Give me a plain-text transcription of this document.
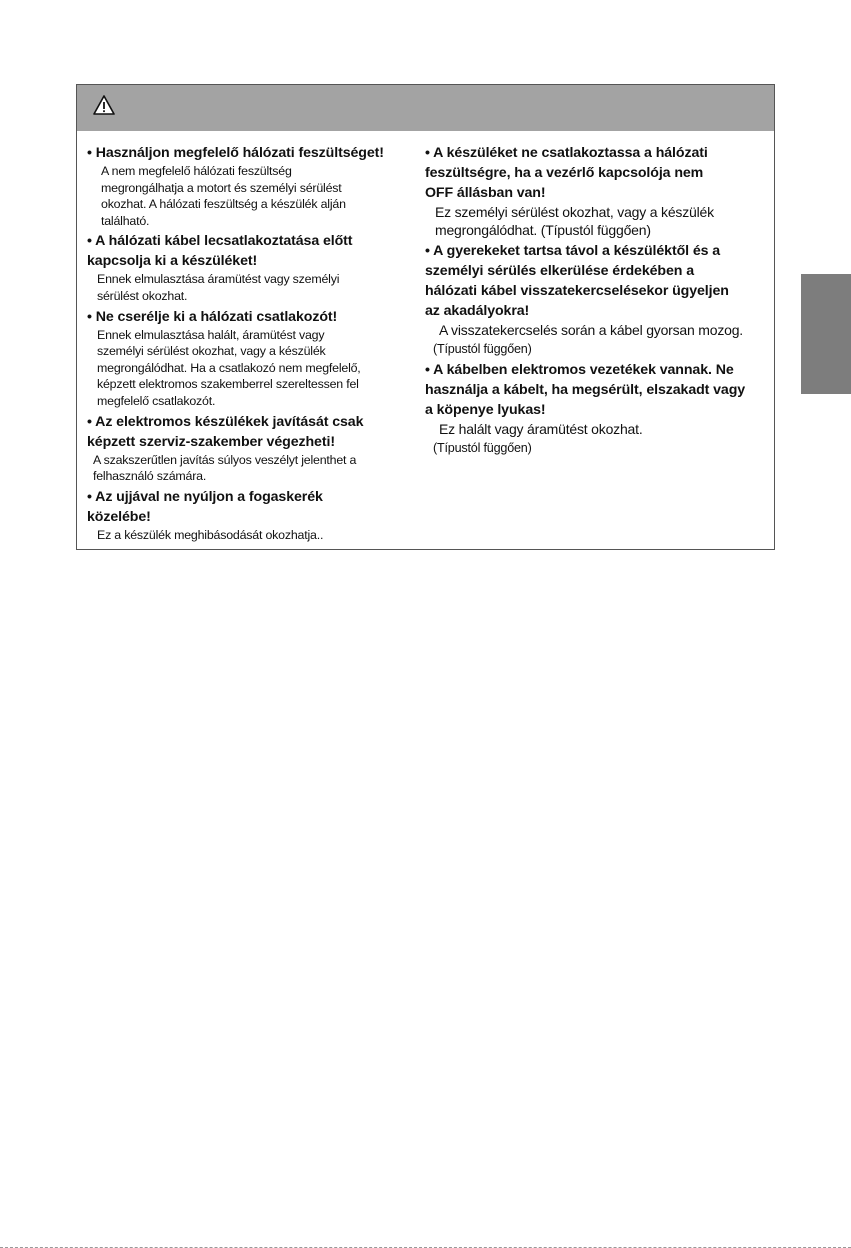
• Használjon megfelelő hálózati feszültséget!

A nem megfelelő hálózati feszültség
megrongálhatja a motort és személyi sérülést
okozhat. A hálózati feszültség a készülék alján
található.

• A hálózati kábel lecsatlakoztatása előtt
kapcsolja ki a készüléket!

Ennek elmulasztása áramütést vagy személyi
sérülést okozhat.

• Ne cserélje ki a hálózati csatlakozót!

Ennek elmulasztása halált, áramütést vagy
személyi sérülést okozhat, vagy a készülék
megrongálódhat. Ha a csatlakozó nem megfelelő,
képzett elektromos szakemberrel szereltessen fel
megfelelő csatlakozót.

• Az elektromos készülékek javítását csak
képzett szerviz-szakember végezheti!

A szakszerűtlen javítás súlyos veszélyt jelenthet a
felhasználó számára.

• Az ujjával ne nyúljon a fogaskerék
közelébe!

Ez a készülék meghibásodását okozhatja..

• A készüléket ne csatlakoztassa a hálózati
feszültségre, ha a vezérlő kapcsolója nem
OFF állásban van!

Ez személyi sérülést okozhat, vagy a készülék
megrongálódhat. (Típustól függően)

• A gyerekeket tartsa távol a készüléktől és a
személyi sérülés elkerülése érdekében a
hálózati kábel visszatekercselésekor ügyeljen
az akadályokra!

A visszatekercselés során a kábel gyorsan mozog.

(Típustól függően)

• A kábelben elektromos vezetékek vannak. Ne
használja a kábelt, ha megsérült, elszakadt vagy
a köpenye lyukas!

Ez halált vagy áramütést okozhat.

(Típustól függően)
